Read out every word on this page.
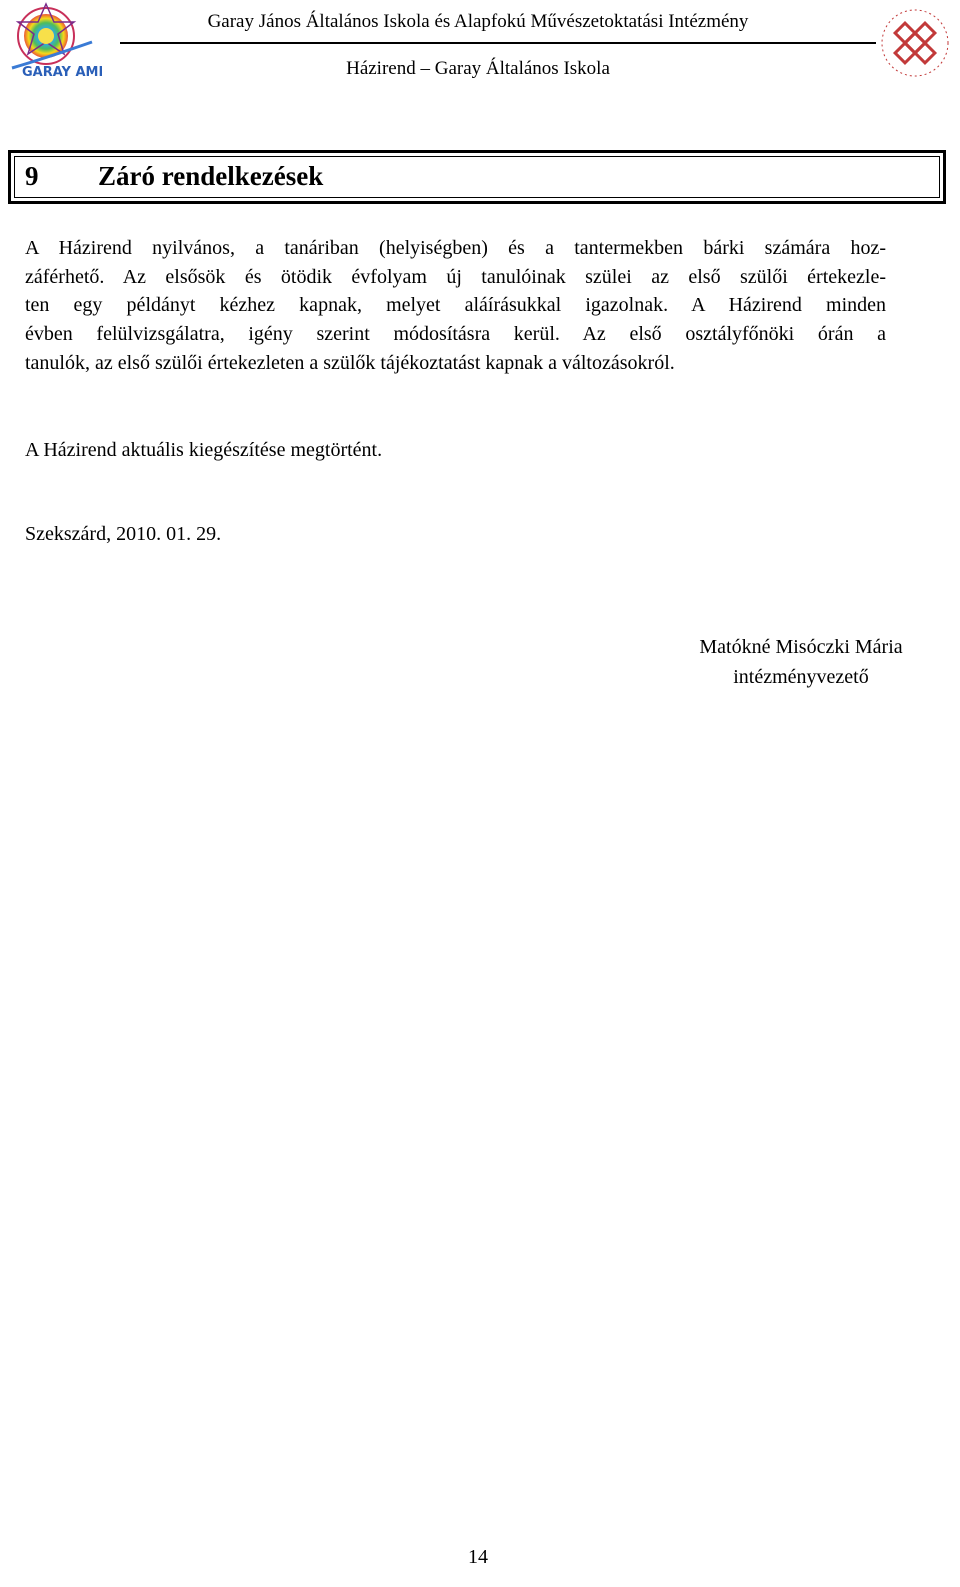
GARAY AMI
Garay János Általános Iskola és Alapfokú Művészetoktatási Intézmény
Házirend – Garay Általános Iskola
9 Záró rendelkezések
A Házirend nyilvános, a tanáriban (helyiségben) és a tantermekben bárki számára hoz-
záférhető. Az elsősök és ötödik évfolyam új tanulóinak szülei az első szülői értekezle-
ten egy példányt kézhez kapnak, melyet aláírásukkal igazolnak. A Házirend minden
évben felülvizsgálatra, igény szerint módosításra kerül. Az első osztályfőnöki órán a
tanulók, az első szülői értekezleten a szülők tájékoztatást kapnak a változásokról.
A Házirend aktuális kiegészítése megtörtént.
Szekszárd, 2010. 01. 29.
Matókné Misóczki Mária
intézményvezető
14
